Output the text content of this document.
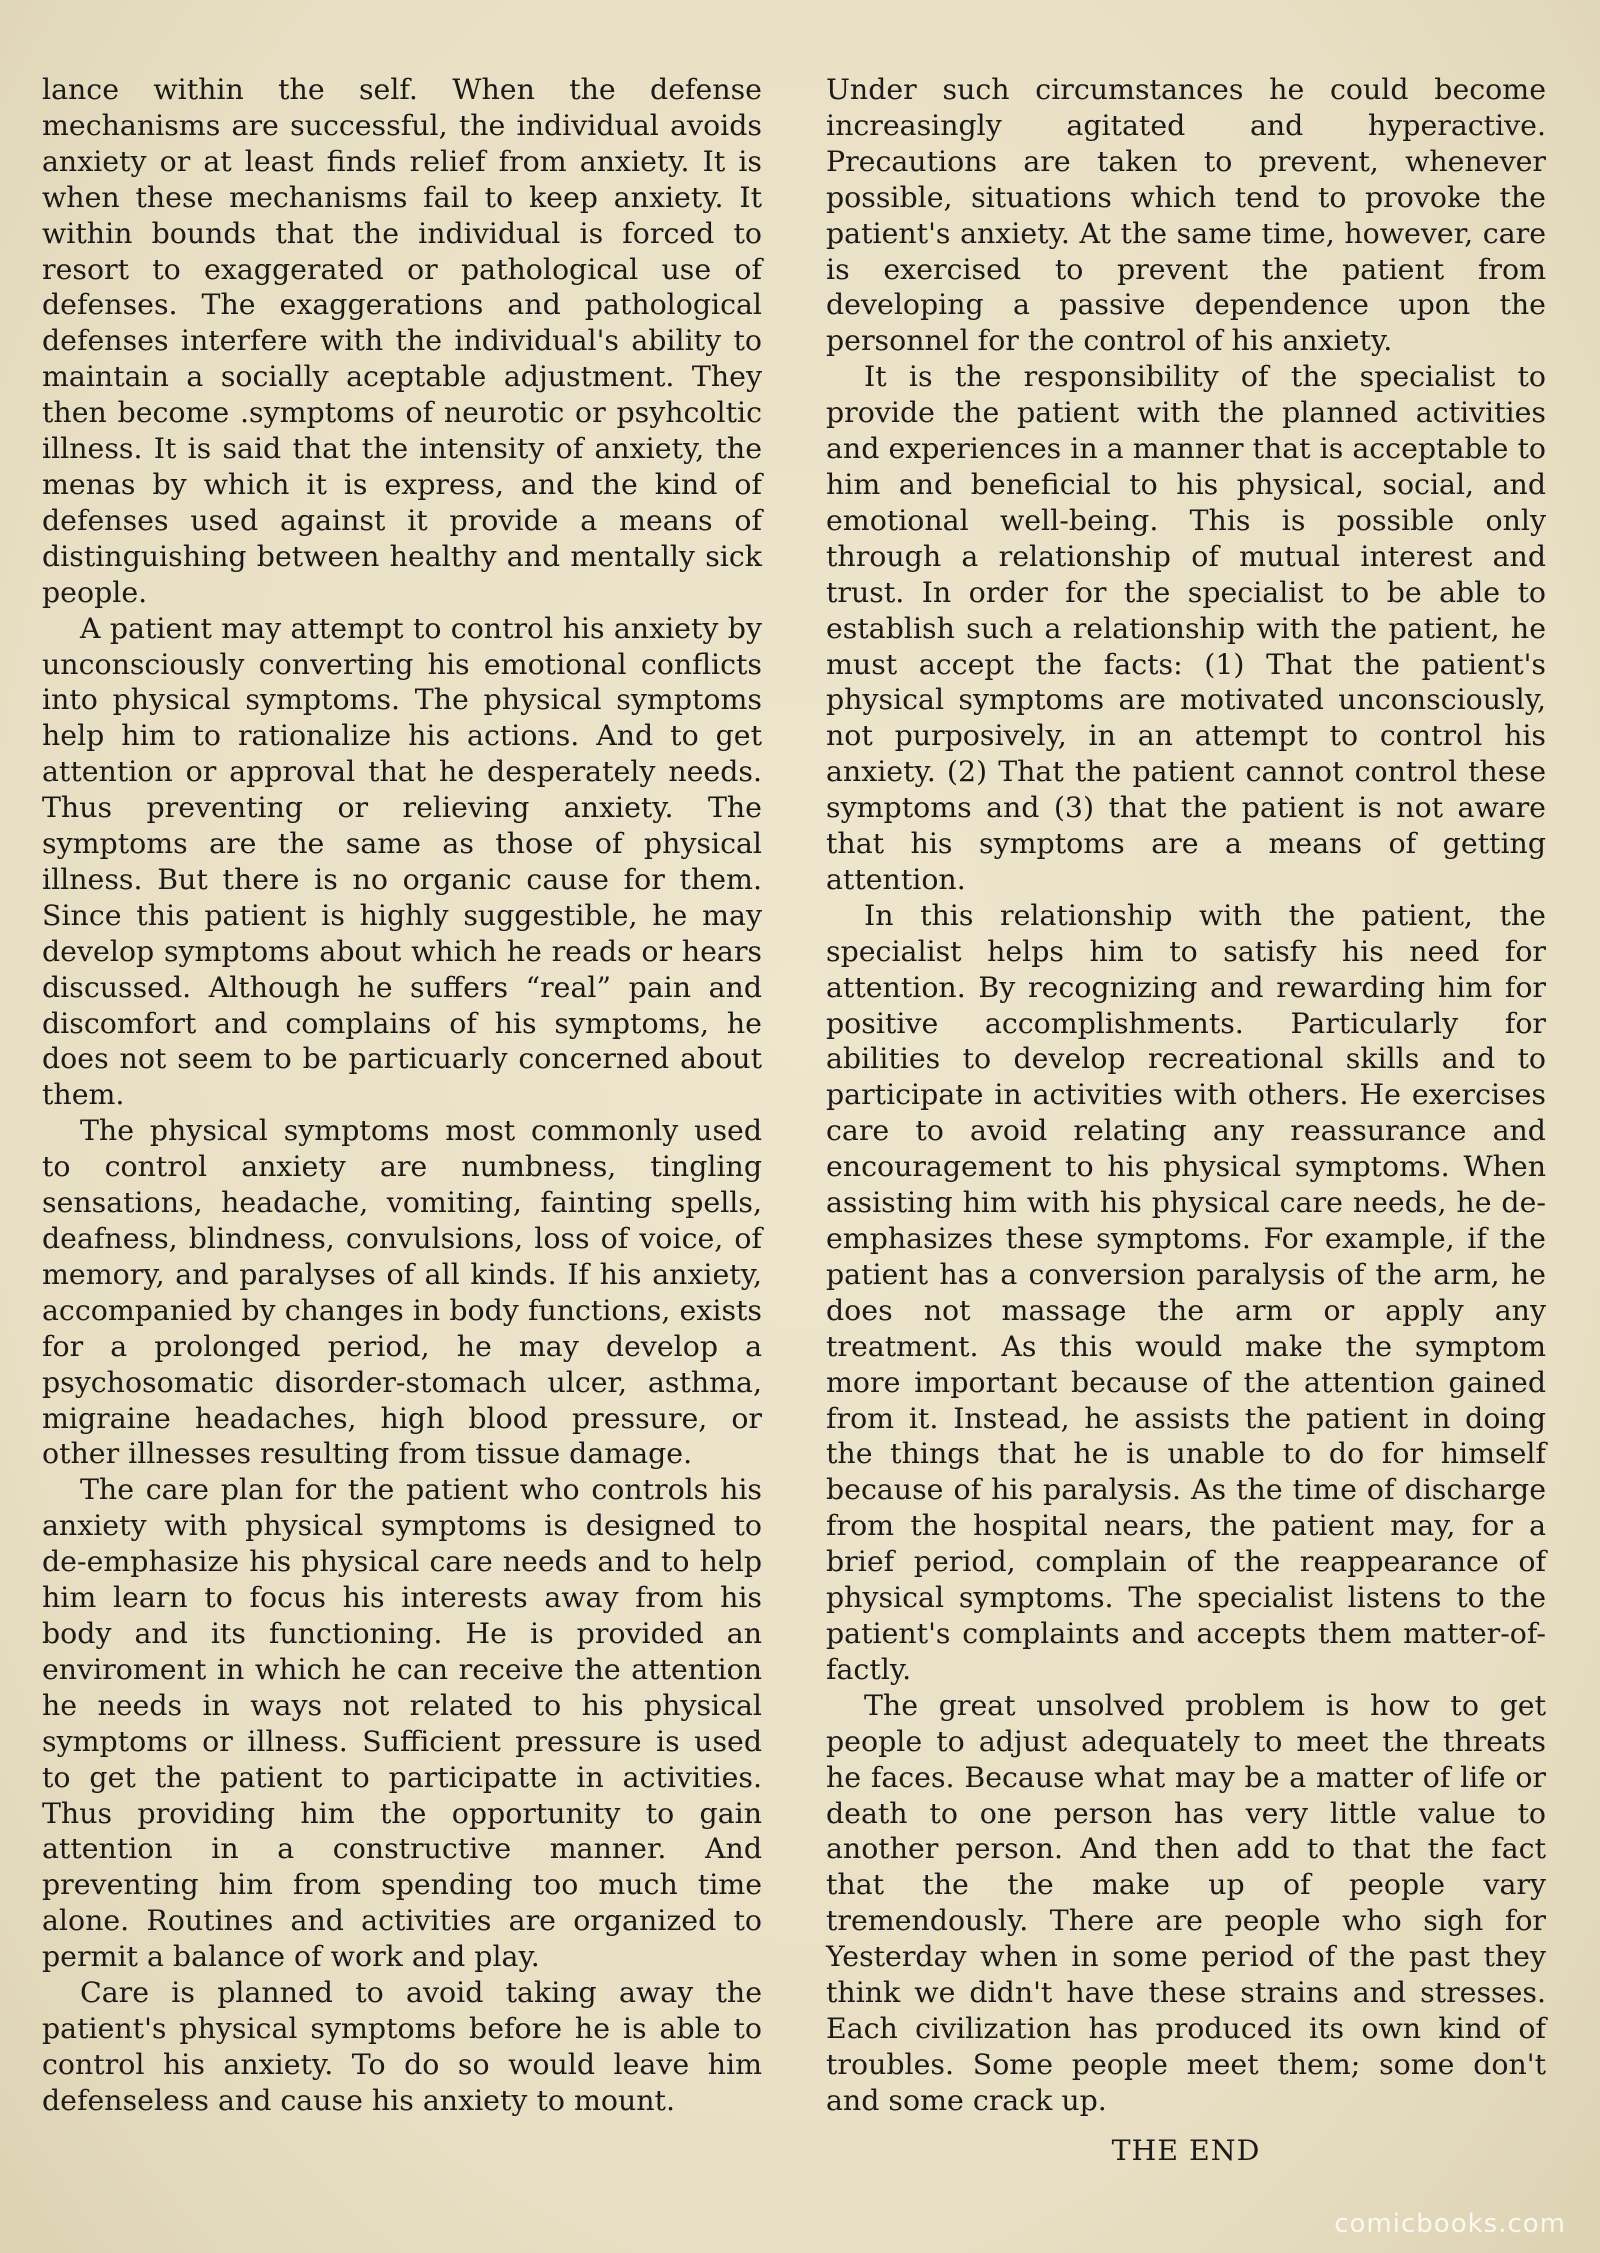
lance within the self. When the defense mechanisms are successful, the individual avoids anxiety or at least finds relief from anxiety. It is when these mechanisms fail to keep anxiety. It within bounds that the individual is forced to resort to exaggerated or pathological use of defenses. The exaggerations and pathological defenses interfere with the individual's ability to maintain a socially aceptable adjustment. They then become .symptoms of neurotic or psyhcoltic illness. It is said that the intensity of anxiety, the menas by which it is express, and the kind of defenses used against it provide a means of distinguishing between healthy and mentally sick people.

A patient may attempt to control his anxiety by unconsciously converting his emotional conflicts into physical symptoms. The physical symptoms help him to rationalize his actions. And to get attention or approval that he desperately needs. Thus preventing or relieving anxiety. The symptoms are the same as those of physical illness. But there is no organic cause for them. Since this patient is highly suggestible, he may develop symptoms about which he reads or hears discussed. Although he suffers “real” pain and discomfort and complains of his symptoms, he does not seem to be particuarly concerned about them.

The physical symptoms most commonly used to control anxiety are numbness, tingling sensations, headache, vomiting, fainting spells, deafness, blindness, convulsions, loss of voice, of memory, and paralyses of all kinds. If his anxiety, accompanied by changes in body functions, exists for a prolonged period, he may develop a psychosomatic disorder-stomach ulcer, asthma, migraine headaches, high blood pressure, or other illnesses resulting from tissue damage.

The care plan for the patient who controls his anxiety with physical symptoms is designed to de-emphasize his physical care needs and to help him learn to focus his interests away from his body and its functioning. He is provided an enviroment in which he can receive the attention he needs in ways not related to his physical symptoms or illness. Sufficient pressure is used to get the patient to participatte in activities. Thus providing him the opportunity to gain attention in a constructive manner. And preventing him from spending too much time alone. Routines and activities are organized to permit a balance of work and play.

Care is planned to avoid taking away the patient's physical symptoms before he is able to control his anxiety. To do so would leave him defenseless and cause his anxiety to mount.

Under such circumstances he could become increasingly agitated and hyperactive. Precautions are taken to prevent, whenever possible, situations which tend to provoke the patient's anxiety. At the same time, however, care is exercised to prevent the patient from developing a passive dependence upon the personnel for the control of his anxiety.

It is the responsibility of the specialist to provide the patient with the planned activities and experiences in a manner that is acceptable to him and beneficial to his physical, social, and emotional well-being. This is possible only through a relationship of mutual interest and trust. In order for the specialist to be able to establish such a relationship with the patient, he must accept the facts: (1) That the patient's physical symptoms are motivated unconsciously, not purposively, in an attempt to control his anxiety. (2) That the patient cannot control these symptoms and (3) that the patient is not aware that his symptoms are a means of getting attention.

In this relationship with the patient, the specialist helps him to satisfy his need for attention. By recognizing and rewarding him for positive accomplishments. Particularly for abilities to develop recreational skills and to participate in activities with others. He exercises care to avoid relating any reassurance and encouragement to his physical symptoms. When assisting him with his physical care needs, he de-emphasizes these symptoms. For example, if the patient has a conversion paralysis of the arm, he does not massage the arm or apply any treatment. As this would make the symptom more important because of the attention gained from it. Instead, he assists the patient in doing the things that he is unable to do for himself because of his paralysis. As the time of discharge from the hospital nears, the patient may, for a brief period, complain of the reappearance of physical symptoms. The specialist listens to the patient's complaints and accepts them matter-of-factly.

The great unsolved problem is how to get people to adjust adequately to meet the threats he faces. Because what may be a matter of life or death to one person has very little value to another person. And then add to that the fact that the the make up of people vary tremendously. There are people who sigh for Yesterday when in some period of the past they think we didn't have these strains and stresses. Each civilization has produced its own kind of troubles. Some people meet them; some don't and some crack up.

THE END

comicbooks.com
